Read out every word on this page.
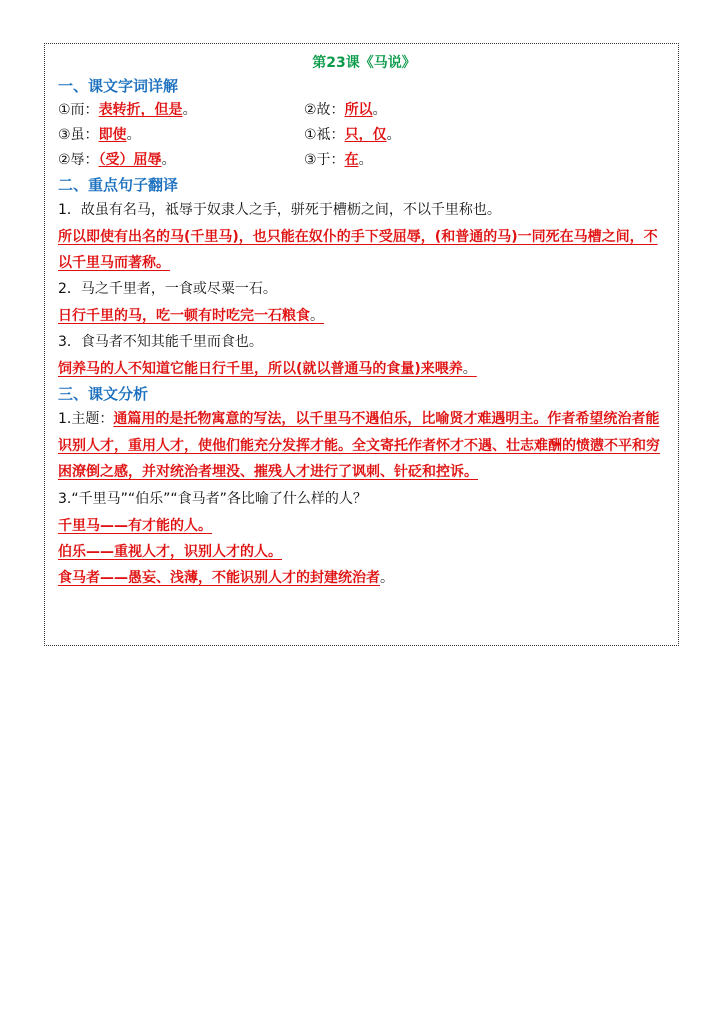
第23课《马说》
一、课文字词详解
①而：表转折，但是。	②故：所以。
③虽：即使。	①祗：只，仅。
②辱：（受）屈辱。	③于：在。
二、重点句子翻译
1．故虽有名马，祗辱于奴隶人之手，骈死于槽枥之间，不以千里称也。
所以即使有出名的马(千里马)，也只能在奴仆的手下受屈辱，(和普通的马)一同死在马槽之间，不以千里马而著称。
2．马之千里者，一食或尽粟一石。
日行千里的马，吃一顿有时吃完一石粮食。
3．食马者不知其能千里而食也。
饲养马的人不知道它能日行千里，所以(就以普通马的食量)来喂养。
三、课文分析
1.主题：通篇用的是托物寓意的写法，以千里马不遇伯乐，比喻贤才难遇明主。作者希望统治者能识别人才，重用人才，使他们能充分发挥才能。全文寄托作者怀才不遇、壮志难酬的愤懑不平和穷困潦倒之感，并对统治者埋没、摧残人才进行了讽刺、针砭和控诉。
3.“千里马”“伯乐”“食马者”各比喻了什么样的人？
千里马——有才能的人。
伯乐——重视人才，识别人才的人。
食马者——愚妄、浅薄，不能识别人才的封建统治者。
